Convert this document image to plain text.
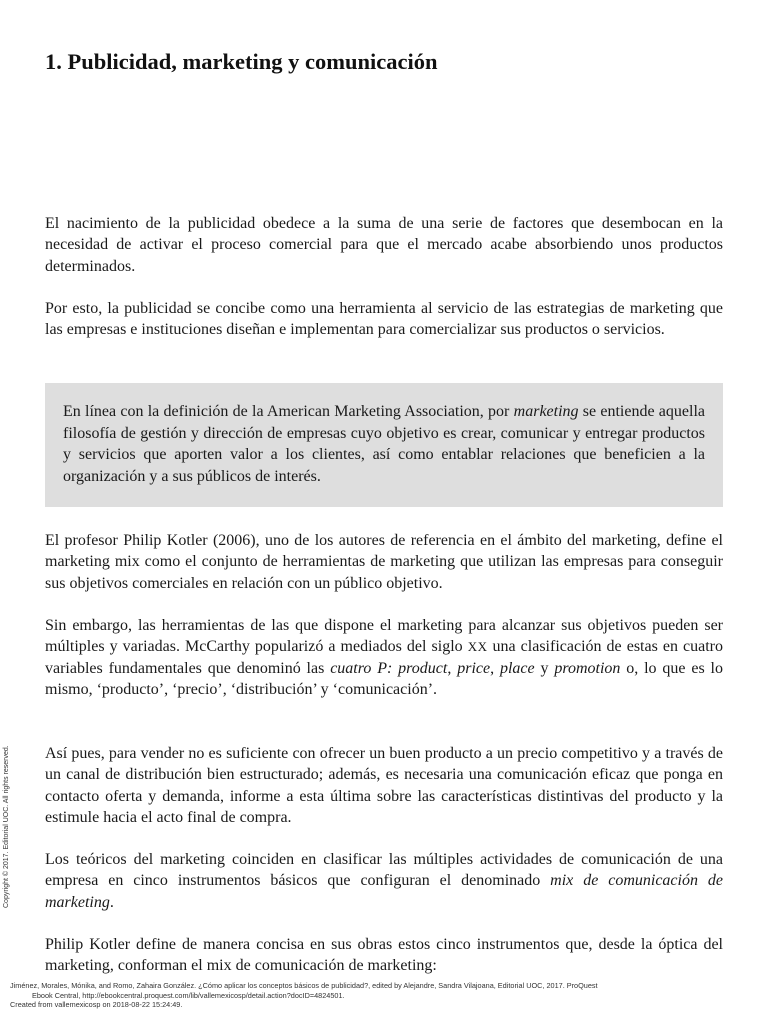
1. Publicidad, marketing y comunicación

El nacimiento de la publicidad obedece a la suma de una serie de factores que desembocan en la necesidad de activar el proceso comercial para que el mercado acabe absorbiendo unos productos determinados.

Por esto, la publicidad se concibe como una herramienta al servicio de las estrategias de marketing que las empresas e instituciones diseñan e implementan para comercializar sus productos o servicios.

En línea con la definición de la American Marketing Association, por marketing se entiende aquella filosofía de gestión y dirección de empresas cuyo objetivo es crear, comunicar y entregar productos y servicios que aporten valor a los clientes, así como entablar relaciones que beneficien a la organización y a sus públicos de interés.

El profesor Philip Kotler (2006), uno de los autores de referencia en el ámbito del marketing, define el marketing mix como el conjunto de herramientas de marketing que utilizan las empresas para conseguir sus objetivos comerciales en relación con un público objetivo.

Sin embargo, las herramientas de las que dispone el marketing para alcanzar sus objetivos pueden ser múltiples y variadas. McCarthy popularizó a mediados del siglo XX una clasificación de estas en cuatro variables fundamentales que denominó las cuatro P: product, price, place y promotion o, lo que es lo mismo, ‘producto’, ‘precio’, ‘distribución’ y ‘comunicación’.

Así pues, para vender no es suficiente con ofrecer un buen producto a un precio competitivo y a través de un canal de distribución bien estructurado; además, es necesaria una comunicación eficaz que ponga en contacto oferta y demanda, informe a esta última sobre las características distintivas del producto y la estimule hacia el acto final de compra.

Los teóricos del marketing coinciden en clasificar las múltiples actividades de comunicación de una empresa en cinco instrumentos básicos que configuran el denominado mix de comunicación de marketing.

Philip Kotler define de manera concisa en sus obras estos cinco instrumentos que, desde la óptica del marketing, conforman el mix de comunicación de marketing:

Copyright © 2017. Editorial UOC. All rights reserved.
Jiménez, Morales, Mónika, and Romo, Zahaira González. ¿Cómo aplicar los conceptos básicos de publicidad?, edited by Alejandre, Sandra Vilajoana, Editorial UOC, 2017. ProQuest
Ebook Central, http://ebookcentral.proquest.com/lib/vallemexicosp/detail.action?docID=4824501.
Created from vallemexicosp on 2018-08-22 15:24:49.
